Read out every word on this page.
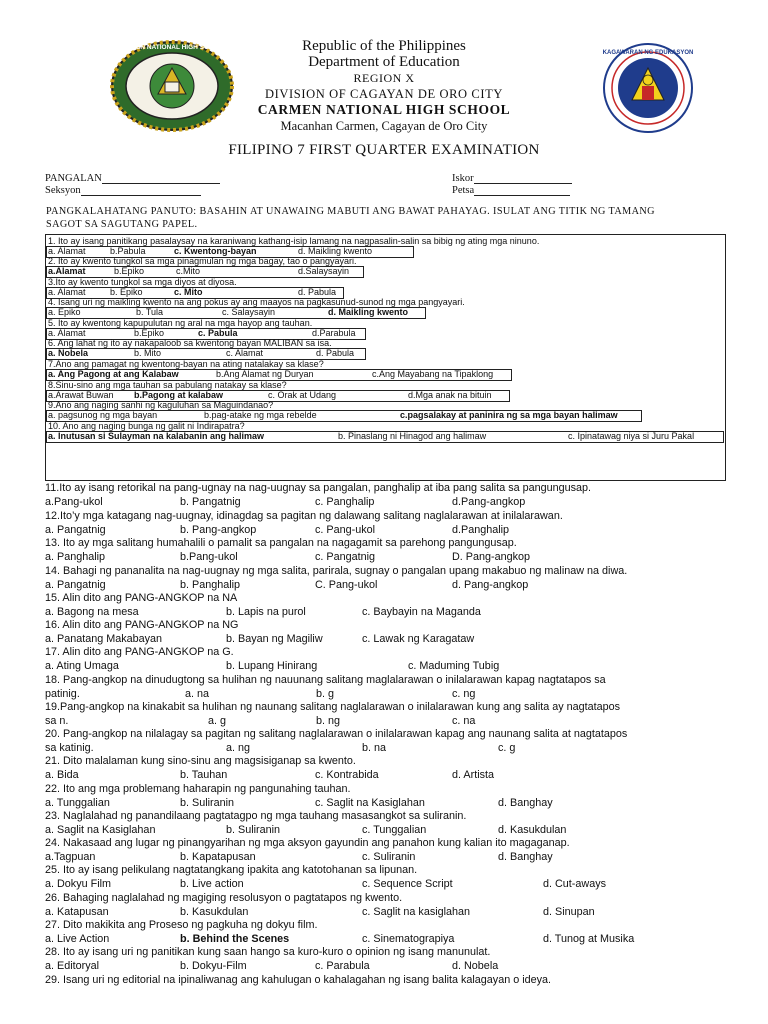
CARMEN NATIONAL HIGH SCHOOL
KAGAWARAN NG EDUKASYON
Republic of the Philippines
Department of Education
REGION X
DIVISION OF CAGAYAN DE ORO CITY
CARMEN NATIONAL HIGH SCHOOL
Macanhan Carmen, Cagayan de Oro City
FILIPINO 7 FIRST QUARTER EXAMINATION
PANGALAN
Seksyon
Iskor
Petsa
PANGKALAHATANG PANUTO: BASAHIN AT UNAWAING MABUTI ANG BAWAT PAHAYAG. ISULAT ANG TITIK NG TAMANG
SAGOT SA SAGUTANG PAPEL.
1. Ito ay isang panitikang pasalaysay na karaniwang kathang-isip lamang na nagpasalin-salin sa bibig ng ating mga ninuno.
a. Alamat	b.Pabula	c. Kwentong-bayan	d. Maikling kwento
2. Ito ay kwento tungkol sa mga pinagmulan ng mga bagay, tao o pangyayari.
a.Alamat	b.Epiko	c.Mito	d.Salaysayin
3.Ito ay kwento tungkol sa mga diyos at diyosa.
a. Alamat	b. Epiko	c. Mito	d. Pabula
4. Isang uri ng maikling kwento na ang pokus ay ang maayos na pagkasunud-sunod ng mga pangyayari.
a. Epiko	b. Tula	c. Salaysayin	d. Maikling kwento
5. Ito ay kwentong kapupulutan ng aral na mga hayop ang tauhan.
a. Alamat	b.Epiko	c. Pabula	d.Parabula
6. Ang lahat ng ito ay nakapaloob sa kwentong bayan MALIBAN sa isa.
a. Nobela	b. Mito	c. Alamat	d. Pabula
7.Ano ang pamagat ng kwentong-bayan na ating natalakay sa klase?
a. Ang Pagong at ang Kalabaw	b.Ang Alamat ng Duryan	c.Ang Mayabang na Tipaklong
8.Sinu-sino ang mga tauhan sa pabulang natakay sa klase?
a.Arawat Buwan b.Pagong at kalabaw	c. Orak at Udang	d.Mga anak na bituin
9.Ano ang naging sanhi ng kaguluhan sa Maguindanao?
a. pagsunog ng mga bayan	b.pag-atake ng mga rebelde	c.pagsalakay at paninira ng sa mga bayan halimaw
10. Ano ang naging bunga ng galit ni Indirapatra?
a. Inutusan si Sulayman na kalabanin ang halimaw	b. Pinaslang ni Hinagod ang halimaw	c. Ipinatawag niya si Juru Pakal
11.Ito ay isang retorikal na pang-ugnay na nag-uugnay sa pangalan, panghalip at iba pang salita sa pangungusap.
a.Pang-ukol	b. Pangatnig	c. Panghalip	d.Pang-angkop
12.Ito’y mga katagang nag-uugnay, idinagdag sa pagitan ng dalawang salitang naglalarawan at inilalarawan.
a. Pangatnig	b. Pang-angkop	c. Pang-ukol	d.Panghalip
13. Ito ay mga salitang humahalili o pamalit sa pangalan na nagagamit sa parehong pangungusap.
a. Panghalip	b.Pang-ukol	c. Pangatnig	D. Pang-angkop
14. Bahagi ng pananalita na nag-uugnay ng mga salita, parirala, sugnay o pangalan upang makabuo ng malinaw na diwa.
a. Pangatnig	b. Panghalip	C. Pang-ukol	d. Pang-angkop
15. Alin dito ang PANG-ANGKOP na NA
a. Bagong na mesa	b. Lapis na purol	c. Baybayin na Maganda
16. Alin dito ang PANG-ANGKOP na NG
a. Panatang Makabayan	b. Bayan ng Magiliw	c. Lawak ng Karagataw
17. Alin dito ang PANG-ANGKOP na G.
a. Ating Umaga	b. Lupang Hinirang	c. Maduming Tubig
18. Pang-angkop na dinudugtong sa hulihan ng nauunang salitang maglalarawan o inilalarawan kapag nagtatapos sa
patinig.	a. na	b. g	c. ng
19.Pang-angkop na kinakabit sa hulihan ng naunang salitang naglalarawan o inilalarawan kung ang salita ay nagtatapos
sa n.	a. g	b. ng	c. na
20. Pang-angkop na nilalagay sa pagitan ng salitang naglalarawan o inilalarawan kapag ang naunang salita at nagtatapos
sa katinig.	a. ng	b. na	c. g
21. Dito malalaman kung sino-sinu ang magsisiganap sa kwento.
a. Bida	b. Tauhan	c. Kontrabida	d. Artista
22. Ito ang mga problemang haharapin ng pangunahing tauhan.
a. Tunggalian	b. Suliranin	c. Saglit na Kasiglahan	d. Banghay
23. Naglalahad ng panandilaang pagtatagpo ng mga tauhang masasangkot sa suliranin.
a. Saglit na Kasiglahan	b. Suliranin	c. Tunggalian	d. Kasukdulan
24. Nakasaad ang lugar ng pinangyarihan ng mga aksyon gayundin ang panahon kung kalian ito magaganap.
a.Tagpuan	b. Kapatapusan	c. Suliranin	d. Banghay
25. Ito ay isang pelikulang nagtatangkang ipakita ang katotohanan sa lipunan.
a. Dokyu Film	b. Live action	c. Sequence Script	d. Cut-aways
26. Bahaging naglalahad ng magiging resolusyon o pagtatapos ng kwento.
a. Katapusan	b. Kasukdulan	c. Saglit na kasiglahan	d. Sinupan
27. Dito makikita ang Proseso ng pagkuha ng dokyu film.
a. Live Action	b. Behind the Scenes	c. Sinematograpiya	d. Tunog at Musika
28. Ito ay isang uri ng panitikan kung saan hango sa kuro-kuro o opinion ng isang manunulat.
a. Editoryal	b. Dokyu-Film	c. Parabula	d. Nobela
29. Isang uri ng editorial na ipinaliwanag ang kahulugan o kahalagahan ng isang balita kalagayan o ideya.
